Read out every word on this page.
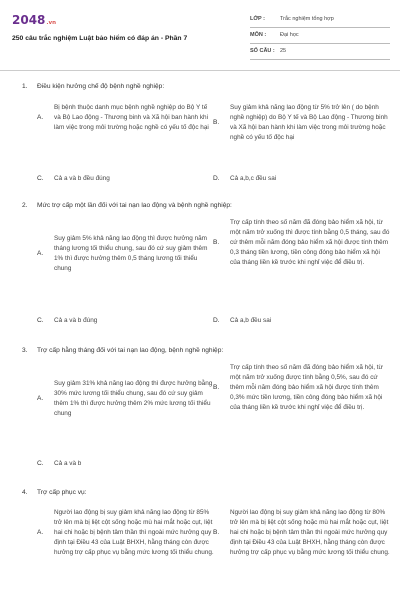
2048.vn
250 câu trắc nghiệm Luật bảo hiểm có đáp án - Phần 7
LỚP :	Trắc nghiệm tổng hợp
MÔN :	Đại học
SỐ CÂU : 25
1. Điều kiện hưởng chế độ bệnh nghề nghiệp:
A.
Bị bệnh thuộc danh mục bệnh nghề nghiệp do Bộ Y tế và Bộ Lao động - Thương binh và Xã hội ban hành khi làm việc trong môi trường hoặc nghề có yếu tố độc hại
B.
Suy giảm khả năng lao động từ 5% trở lên ( do bệnh nghề nghiệp) do Bộ Y tế và Bộ Lao động - Thương binh và Xã hội ban hành khi làm việc trong môi trường hoặc nghề có yếu tố độc hại
C.	Cả a và b đều đúng	D.	Cả a,b,c đều sai
2. Mức trợ cấp một lần đối với tai nạn lao động và bệnh nghề nghiệp:
A.
Suy giảm 5% khả năng lao động thì được hưởng năm tháng lương tối thiểu chung, sau đó cứ suy giảm thêm 1% thì được hưởng thêm 0,5 tháng lương tối thiểu chung
B.
Trợ cấp tính theo số năm đã đóng bảo hiểm xã hội, từ một năm trở xuống thì được tính bằng 0,5 tháng, sau đó cứ thêm mỗi năm đóng bảo hiểm xã hội được tính thêm 0,3 tháng tiền lương, tiền công đóng bảo hiểm xã hội của tháng liền kề trước khi nghỉ việc để điều trị.
C.	Cả a và b đúng	D.	Cả a,b đều sai
3. Trợ cấp hằng tháng đối với tai nạn lao động, bệnh nghề nghiệp:
A.
Suy giảm 31% khả năng lao động thì được hưởng bằng 30% mức lương tối thiểu chung, sau đó cứ suy giảm thêm 1% thì được hưởng thêm 2% mức lương tối thiểu chung
B.
Trợ cấp tính theo số năm đã đóng bảo hiểm xã hội, từ một năm trở xuống được tính bằng 0,5%, sau đó cứ thêm mỗi năm đóng bảo hiểm xã hội được tính thêm 0,3% mức tiền lương, tiền công đóng bảo hiểm xã hội của tháng liền kề trước khi nghỉ việc để điều trị.
C.	Cả a và b
4. Trợ cấp phục vụ:
A.
Người lao động bị suy giảm khả năng lao động từ 85% trở lên mà bị liệt cột sống hoặc mù hai mắt hoặc cụt, liệt hai chi hoặc bị bệnh tâm thần thì ngoài mức hưởng quy định tại Điều 43 của Luật BHXH, hằng tháng còn được hưởng trợ cấp phục vụ bằng mức lương tối thiểu chung.
B.
Người lao động bị suy giảm khả năng lao động từ 80% trở lên mà bị liệt cột sống hoặc mù hai mắt hoặc cụt, liệt hai chi hoặc bị bệnh tâm thần thì ngoài mức hưởng quy định tại Điều 43 của Luật BHXH, hằng tháng còn được hưởng trợ cấp phục vụ bằng mức lương tối thiểu chung.
